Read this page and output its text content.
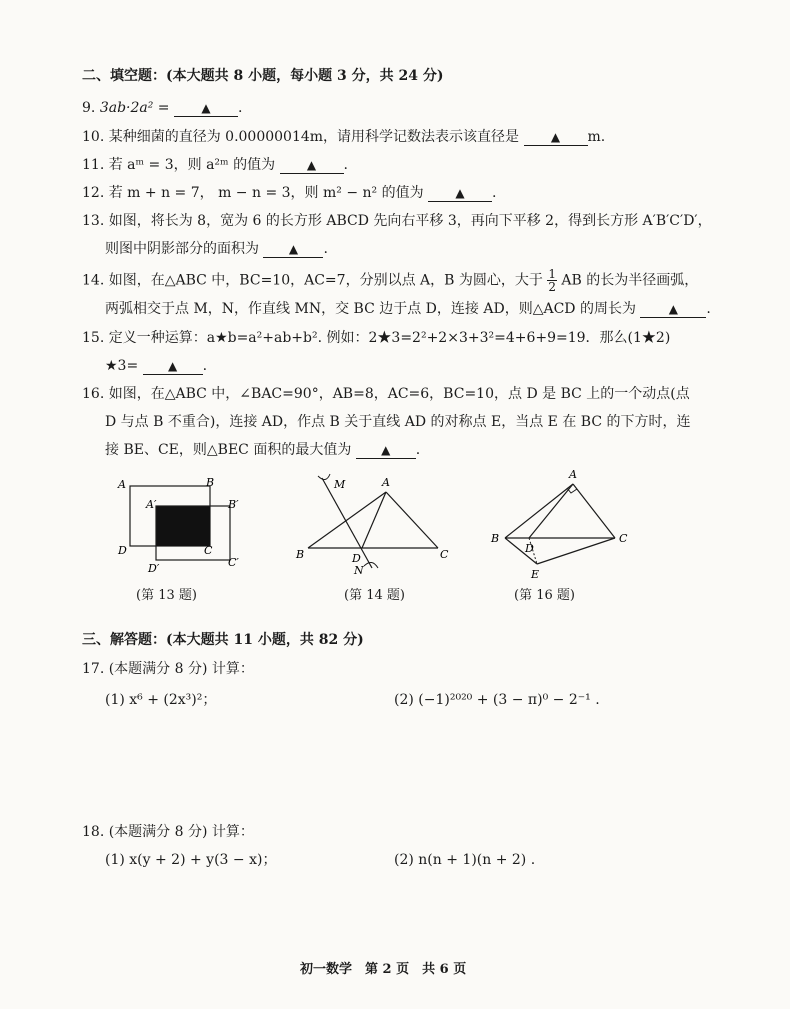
二、填空题：(本大题共 8 小题，每小题 3 分，共 24 分)
9. 3ab·2a² =	▲ .
10. 某种细菌的直径为 0.00000014m，请用科学记数法表示该直径是	▲ m.
11. 若 aᵐ = 3，则 a²ᵐ 的值为	▲ .
12. 若 m + n = 7， m − n = 3，则 m² − n² 的值为	▲ .
13. 如图，将长为 8，宽为 6 的长方形 ABCD 先向右平移 3，再向下平移 2，得到长方形 A′B′C′D′，
则图中阴影部分的面积为 ▲ .
14. 如图，在△ABC 中，BC=10，AC=7，分别以点 A，B 为圆心，大于 $\frac{1}{2}$ AB 的长为半径画弧，
两弧相交于点 M，N，作直线 MN，交 BC 边于点 D，连接 AD，则△ACD 的周长为	▲ .
15. 定义一种运算：a★b=a²+ab+b². 例如：2★3=2²+2×3+3²=4+6+9=19．那么(1★2)
★3= ▲ .
16. 如图，在△ABC 中，∠BAC=90°，AB=8，AC=6，BC=10，点 D 是 BC 上的一个动点(点
D 与点 B 不重合)，连接 AD，作点 B 关于直线 AD 的对称点 E，当点 E 在 BC 的下方时，连
接 BE、CE，则△BEC 面积的最大值为 ▲ .
A	B
A′	B′
D	C
D′	C′
(第 13 题)
M	A
B	D
N
C
(第 14 题)
A
B
D
C
E
(第 16 题)
三、解答题：(本大题共 11 小题，共 82 分)
17. (本题满分 8 分) 计算：
(1) x⁶ + (2x³)²；	(2) (−1)²⁰²⁰ + (3 − π)⁰ − 2⁻¹ .
18. (本题满分 8 分) 计算：
(1) x(y + 2) + y(3 − x)；	(2) n(n + 1)(n + 2) .
初一数学　第 2 页　共 6 页
